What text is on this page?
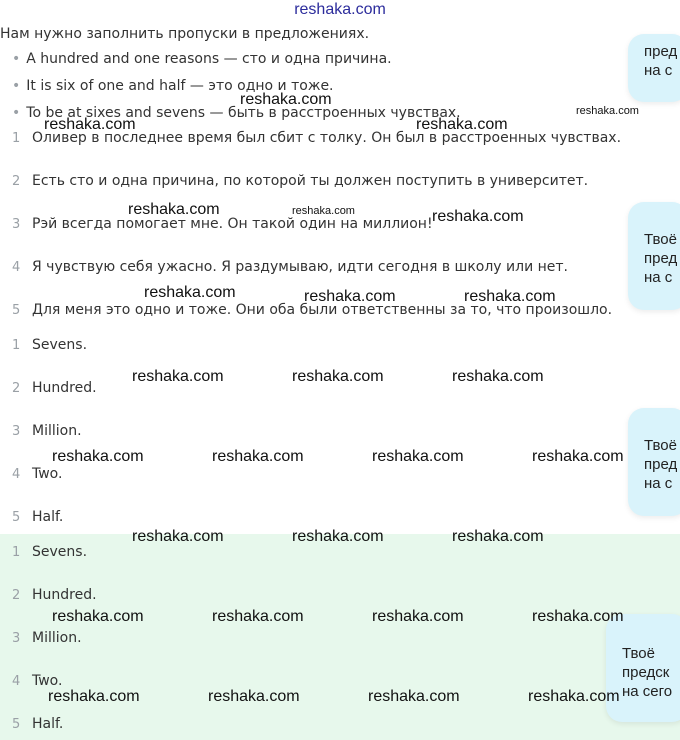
reshaka.com
Нам нужно заполнить пропуски в предложениях.
• A hundred and one reasons — сто и одна причина.
• It is six of one and half — это одно и тоже.
• To be at sixes and sevens — быть в расстроенных чувствах.
1 Оливер в последнее время был сбит с толку. Он был в расстроенных чувствах.
2 Есть сто и одна причина, по которой ты должен поступить в университет.
3 Рэй всегда помогает мне. Он такой один на миллион!
4 Я чувствую себя ужасно. Я раздумываю, идти сегодня в школу или нет.
5 Для меня это одно и тоже. Они оба были ответственны за то, что произошло.
1 Sevens.
2 Hundred.
3 Million.
4 Two.
5 Half.
1 Sevens.
2 Hundred.
3 Million.
4 Two.
5 Half.
пред
на с
Твоё
пред
на с
Твоё
пред
на с
Твоё
предск
на сего
reshaka.com
reshaka.com	reshaka.com
reshaka.com
reshaka.com	reshaka.com	reshaka.com
reshaka.com	reshaka.com	reshaka.com
reshaka.com	reshaka.com	reshaka.com
reshaka.com	reshaka.com	reshaka.com	reshaka.com
reshaka.com	reshaka.com	reshaka.com
reshaka.com	reshaka.com	reshaka.com	reshaka.com
reshaka.com	reshaka.com	reshaka.com	reshaka.com
